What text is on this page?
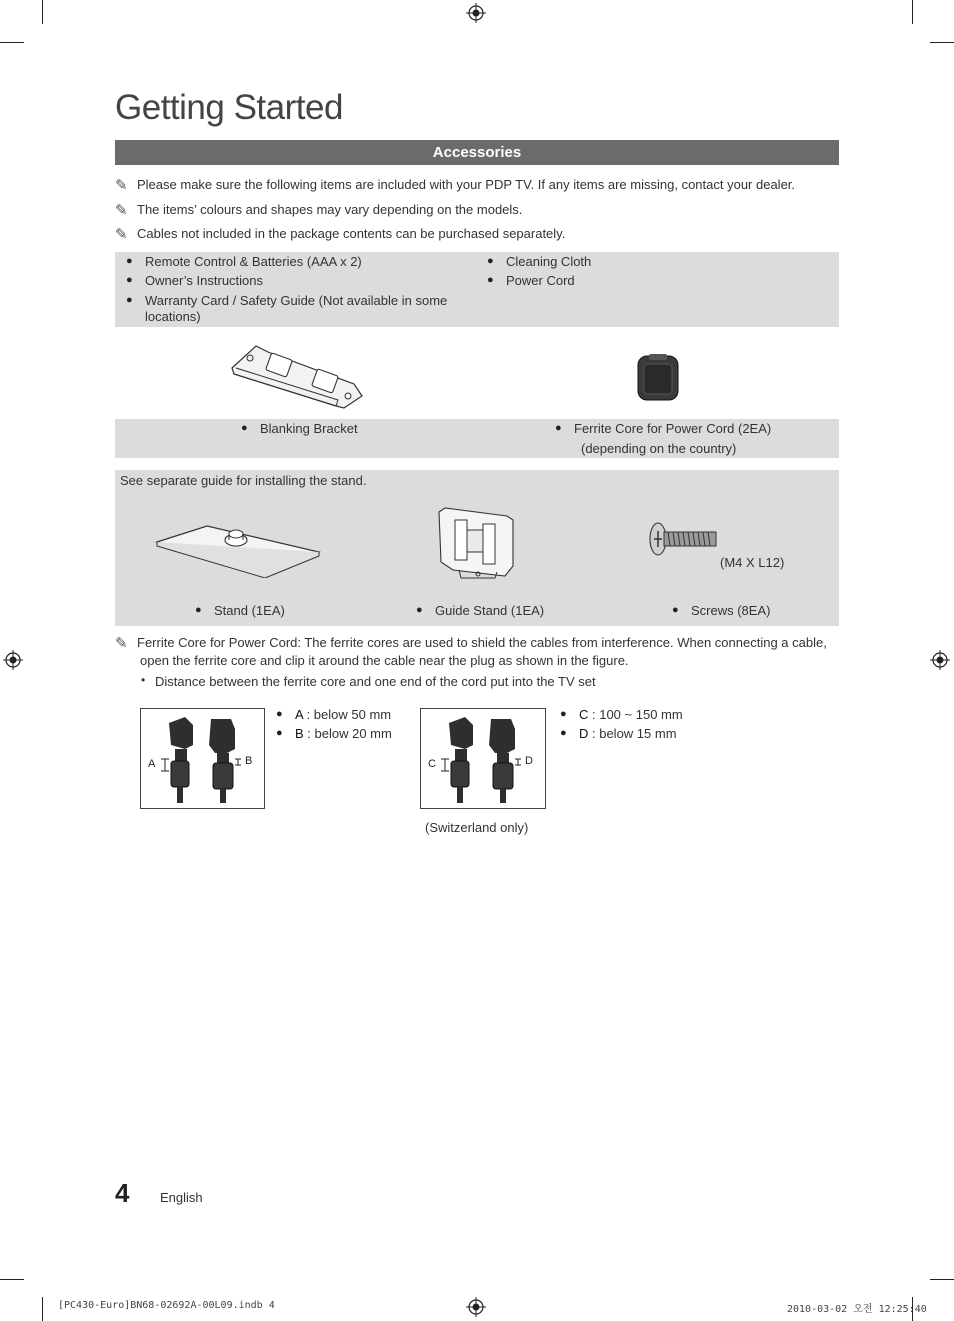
Getting Started
Accessories
✎ Please make sure the following items are included with your PDP TV. If any items are missing, contact your dealer.
✎ The items’ colours and shapes may vary depending on the models.
✎ Cables not included in the package contents can be purchased separately.
● Remote Control & Batteries (AAA x 2)
● Owner’s Instructions
● Warranty Card / Safety Guide (Not available in some
locations)
● Cleaning Cloth
● Power Cord
● Blanking Bracket	● Ferrite Core for Power Cord (2EA)
(depending on the country)
See separate guide for installing the stand.
(M4 X L12)
● Stand (1EA)	● Guide Stand (1EA)	● Screws (8EA)
✎ Ferrite Core for Power Cord: The ferrite cores are used to shield the cables from interference. When connecting a cable,
open the ferrite core and clip it around the cable near the plug as shown in the figure.
• Distance between the ferrite core and one end of the cord put into the TV set
A	B
● A : below 50 mm
● B : below 20 mm
C	D
● C : 100 ~ 150 mm
● D : below 15 mm
(Switzerland only)
4 English
[PC430-Euro]BN68-02692A-00L09.indb 4	2010-03-02 오전 12:25:40
